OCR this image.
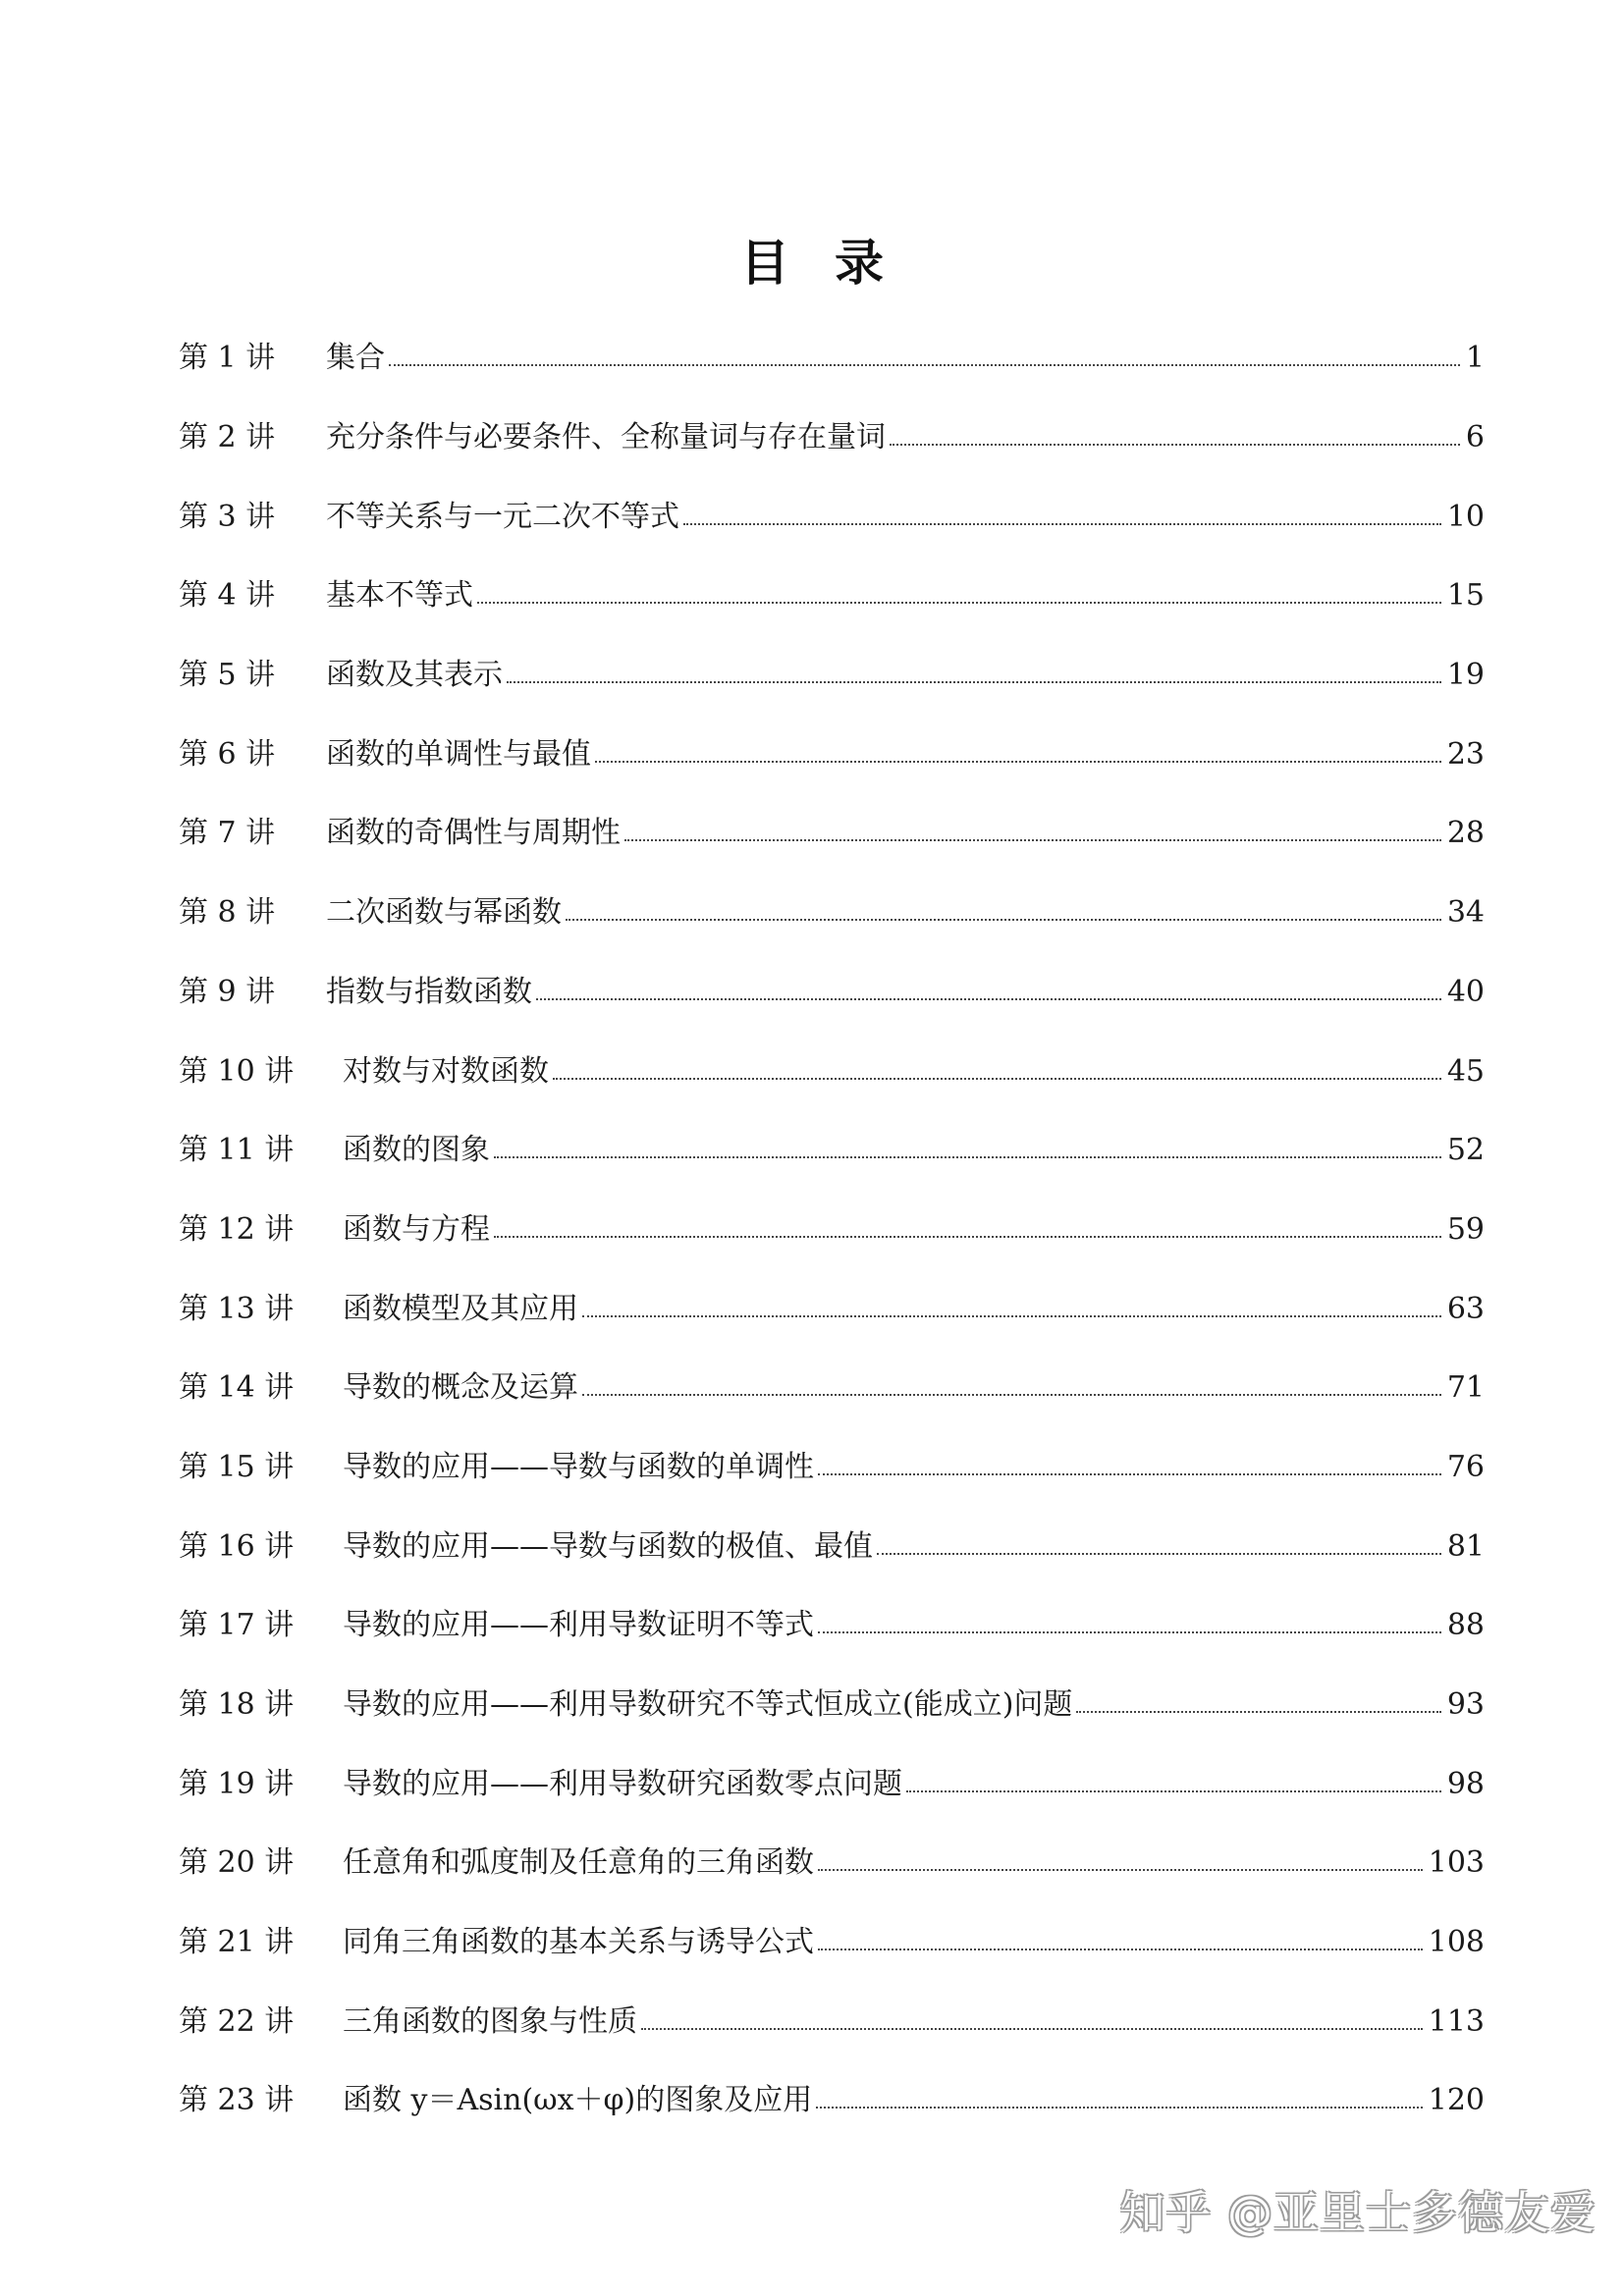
目录
第 1 讲	集合	1
第 2 讲	充分条件与必要条件、全称量词与存在量词	6
第 3 讲	不等关系与一元二次不等式	10
第 4 讲	基本不等式	15
第 5 讲	函数及其表示	19
第 6 讲	函数的单调性与最值	23
第 7 讲	函数的奇偶性与周期性	28
第 8 讲	二次函数与幂函数	34
第 9 讲	指数与指数函数	40
第 10 讲	对数与对数函数	45
第 11 讲	函数的图象	52
第 12 讲	函数与方程	59
第 13 讲	函数模型及其应用	63
第 14 讲	导数的概念及运算	71
第 15 讲	导数的应用——导数与函数的单调性	76
第 16 讲	导数的应用——导数与函数的极值、最值	81
第 17 讲	导数的应用——利用导数证明不等式	88
第 18 讲	导数的应用——利用导数研究不等式恒成立(能成立)问题	93
第 19 讲	导数的应用——利用导数研究函数零点问题	98
第 20 讲	任意角和弧度制及任意角的三角函数	103
第 21 讲	同角三角函数的基本关系与诱导公式	108
第 22 讲	三角函数的图象与性质	113
第 23 讲	函数 y＝Asin(ωx＋φ)的图象及应用	120
知乎 @亚里士多德友爱
